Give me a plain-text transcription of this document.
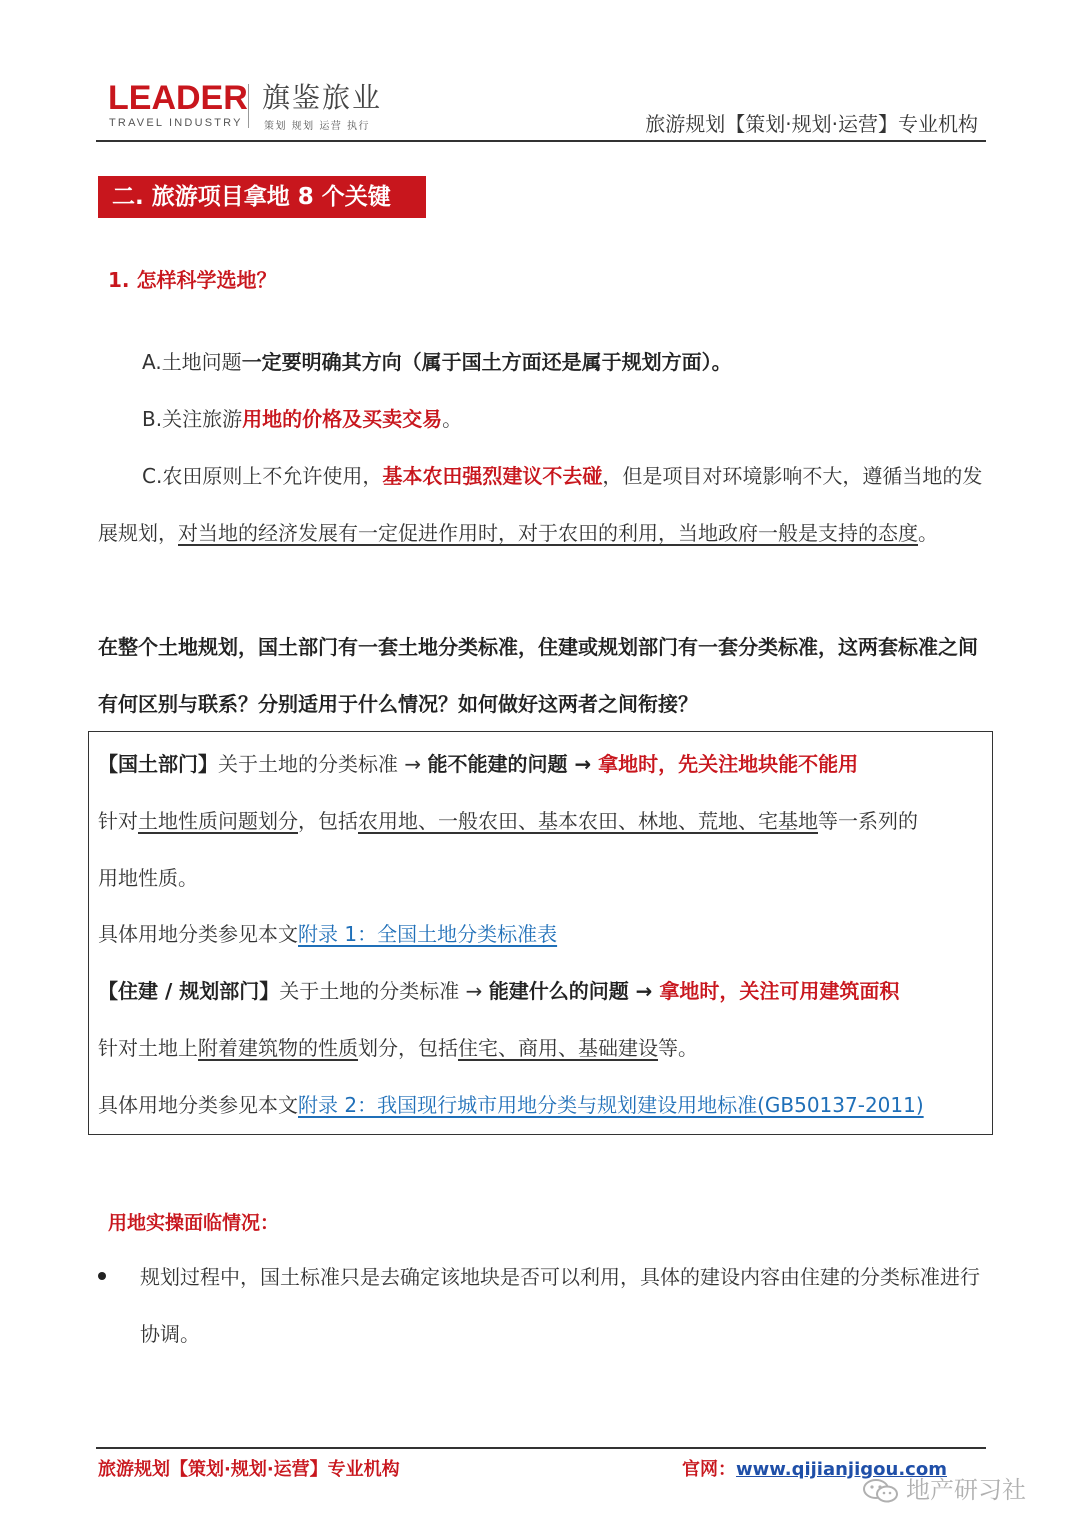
LEADER
TRAVEL INDUSTRY
旗鉴旅业
策划 规划 运营 执行	旅游规划【策划·规划·运营】专业机构
二. 旅游项目拿地 8 个关键
1. 怎样科学选地？
A.土地问题一定要明确其方向（属于国土方面还是属于规划方面）。
B.关注旅游用地的价格及买卖交易。
C.农田原则上不允许使用，基本农田强烈建议不去碰，但是项目对环境影响不大，遵循当地的发展规划，对当地的经济发展有一定促进作用时，对于农田的利用，当地政府一般是支持的态度。
在整个土地规划，国土部门有一套土地分类标准，住建或规划部门有一套分类标准，这两套标准之间有何区别与联系？分别适用于什么情况？如何做好这两者之间衔接？
【国土部门】关于土地的分类标准 → 能不能建的问题 → 拿地时，先关注地块能不能用
针对土地性质问题划分，包括农用地、一般农田、基本农田、林地、荒地、宅基地等一系列的
用地性质。
具体用地分类参见本文附录 1：全国土地分类标准表
【住建 / 规划部门】关于土地的分类标准 → 能建什么的问题 → 拿地时，关注可用建筑面积
针对土地上附着建筑物的性质划分，包括住宅、商用、基础建设等。
具体用地分类参见本文附录 2：我国现行城市用地分类与规划建设用地标准(GB50137-2011)
用地实操面临情况：
规划过程中，国土标准只是去确定该地块是否可以利用，具体的建设内容由住建的分类标准进行协调。
旅游规划【策划·规划·运营】专业机构	官网：www.qijianjigou.com
地产研习社
